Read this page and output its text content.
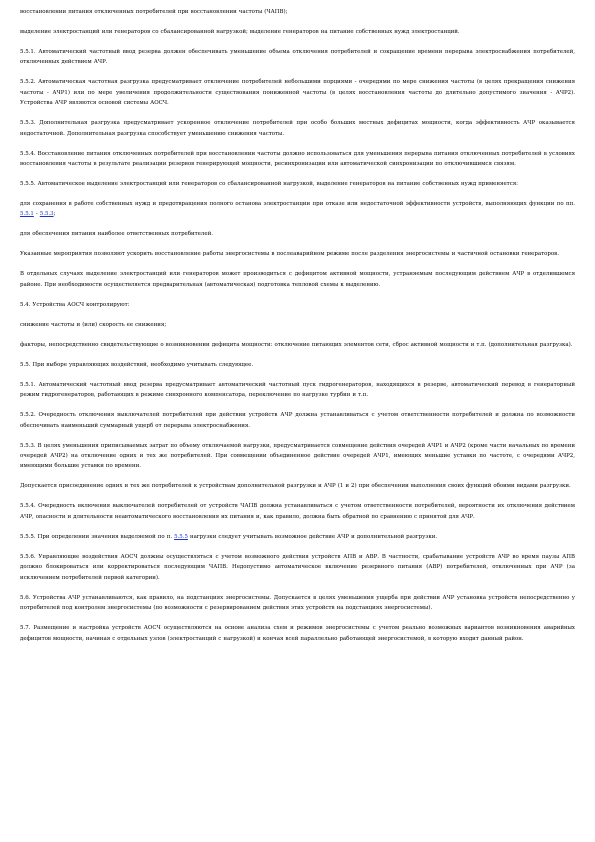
восстановлении питания отключенных потребителей при восстановлении частоты (ЧАПВ);

выделение электростанций или генераторов со сбалансированной нагрузкой; выделение генераторов на питание собственных нужд электростанций.

5.5.1. Автоматический частотный ввод резерва должен обеспечивать уменьшение объема отключения потребителей и сокращение времени перерыва электроснабжения потребителей, отключенных действием АЧР.

5.5.2. Автоматическая частотная разгрузка предусматривает отключение потребителей небольшими порциями - очередями по мере снижения частоты (в целях прекращения снижения частоты - АЧР1) или по мере увеличения продолжительности существования пониженной частоты (в целях восстановления частоты до длительно допустимого значения - АЧР2). Устройства АЧР являются основой системы АОСЧ.

5.5.3. Дополнительная разгрузка предусматривает ускоренное отключение потребителей при особо больших местных дефицитах мощности, когда эффективность АЧР оказывается недостаточной. Дополнительная разгрузка способствует уменьшению снижения частоты.

5.5.4. Восстановление питания отключенных потребителей при восстановлении частоты должно использоваться для уменьшения перерыва питания отключенных потребителей в условиях восстановления частоты в результате реализации резервов генерирующей мощности, ресинхронизации или автоматической синхронизации по отключившимся связям.

5.5.5. Автоматическое выделение электростанций или генераторов со сбалансированной нагрузкой, выделение генераторов на питание собственных нужд применяется:

для сохранения в работе собственных нужд и предотвращения полного останова электростанции при отказе или недостаточной эффективности устройств, выполняющих функции по пп. 5.5.1 - 5.5.3;

для обеспечения питания наиболее ответственных потребителей.

Указанные мероприятия позволяют ускорить восстановление работы энергосистемы в послеаварийном режиме после разделения энергосистемы и частичной остановки генераторов.

В отдельных случаях выделение электростанций или генераторов может производиться с дефицитом активной мощности, устраняемым последующим действием АЧР в отделившемся районе. При необходимости осуществляется предварительная (автоматическая) подготовка тепловой схемы к выделению.

5.4. Устройства АОСЧ контролируют:

снижение частоты и (или) скорость ее снижения;

факторы, непосредственно свидетельствующие о возникновении дефицита мощности: отключение питающих элементов сети, сброс активной мощности и т.п. (дополнительная разгрузка).

5.5. При выборе управляющих воздействий, необходимо учитывать следующее.

5.5.1. Автоматический частотный ввод резерва предусматривает автоматический частотный пуск гидрогенераторов, находящихся в резерве, автоматический перевод в генераторный режим гидрогенераторов, работающих в режиме синхронного компенсатора, переключение по нагрузке турбин и т.п.

5.5.2. Очередность отключения выключателей потребителей при действии устройств АЧР должна устанавливаться с учетом ответственности потребителей и должна по возможности обеспечивать наименьший суммарный ущерб от перерыва электроснабжения.

5.5.3. В целях уменьшения приписываемых затрат по объему отключаемой нагрузки, предусматривается совмещение действия очередей АЧР1 и АЧР2 (кроме части начальных по времени очередей АЧР2) на отключение одних и тех же потребителей. При совмещении объединенное действие очередей АЧР1, имеющих меньшие уставки по частоте, с очередями АЧР2, имеющими большие уставки по времени.

Допускается присоединение одних и тех же потребителей к устройствам дополнительной разгрузки и АЧР (1 и 2) при обеспечении выполнения своих функций обоими видами разгрузки.

5.5.4. Очередность включения выключателей потребителей от устройств ЧАПВ должна устанавливаться с учетом ответственности потребителей, вероятности их отключения действием АЧР, опасности и длительности неавтоматического восстановления их питания и, как правило, должна быть обратной по сравнению с принятой для АЧР.

5.5.5. При определении значения выделяемой по п. 5.5.5 нагрузки следует учитывать возможное действие АЧР и дополнительной разгрузки.

5.5.6. Управляющие воздействия АОСЧ должны осуществляться с учетом возможного действия устройств АПВ и АВР. В частности, срабатывание устройств АЧР во время паузы АПВ должно блокироваться или корректироваться последующим ЧАПВ. Недопустимо автоматическое включение резервного питания (АВР) потребителей, отключенных при АЧР (за исключением потребителей первой категории).

5.6. Устройства АЧР устанавливаются, как правило, на подстанциях энергосистемы. Допускается в целях уменьшения ущерба при действии АЧР установка устройств непосредственно у потребителей под контролем энергосистемы (по возможности с резервированием действия этих устройств на подстанциях энергосистемы).

5.7. Размещение и настройка устройств АОСЧ осуществляются на основе анализа схем и режимов энергосистемы с учетом реально возможных вариантов возникновения аварийных дефицитов мощности, начиная с отдельных узлов (электростанций с нагрузкой) и кончая всей параллельно работающей энергосистемой, в которую входит данный район.
